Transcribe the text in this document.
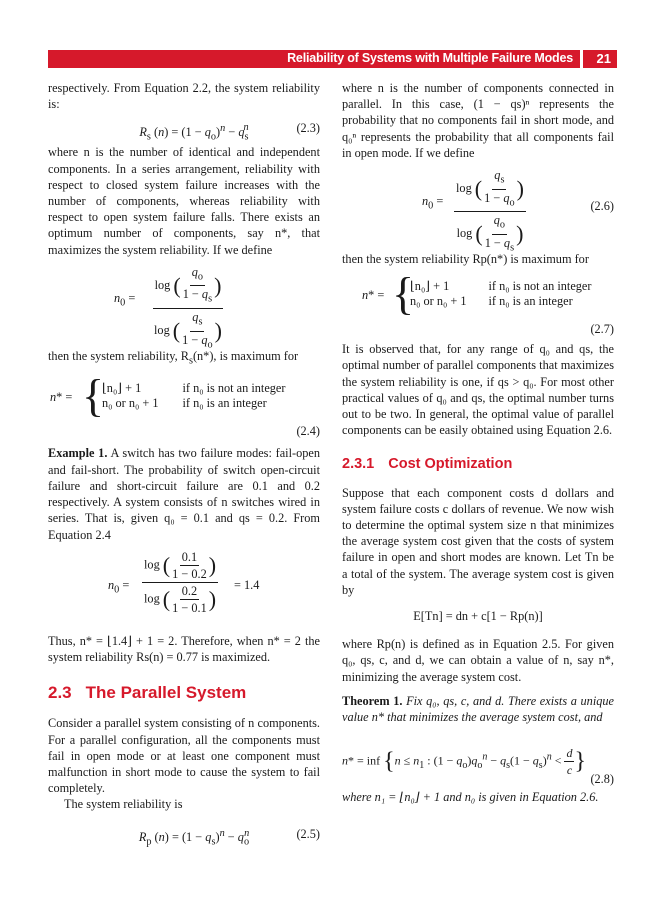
Reliability of Systems with Multiple Failure Modes 21

respectively. From Equation 2.2, the system reliability is:

$R_s$ $(n) = (1 - q_o)^n - q_s^n$	(2.3)

where n is the number of identical and independent components. In a series arrangement, reliability with respect to closed system failure increases with the number of components, whereas reliability with respect to open system failure falls. There exists an optimum number of components, say n*, that maximizes the system reliability. If we define

$n_0 = \frac{\log ( \frac{q_o}{1 - q_s} )}{\log ( \frac{q_s}{1 - q_o} )}$

then the system reliability, $R_s(n*)$, is maximum for

n* = {
⌊n₀⌋ + 1	if n₀ is not an integer
n₀ or n₀ + 1	if n₀ is an integer
(2.4)

Example 1. A switch has two failure modes: fail-open and fail-short. The probability of switch open-circuit failure and short-circuit failure are 0.1 and 0.2 respectively. A system consists of n switches wired in series. That is, given q₀ = 0.1 and qs = 0.2. From Equation 2.4

$n_0 = \frac{\log ( \frac{0.1}{1 - 0.2} )}{\log ( \frac{0.2}{1 - 0.1} )} = 1.4$

Thus, n* = ⌊1.4⌋ + 1 = 2. Therefore, when n* = 2 the system reliability Rs(n) = 0.77 is maximized.

2.3 The Parallel System

Consider a parallel system consisting of n components. For a parallel configuration, all the components must fail in open mode or at least one component must malfunction in short mode to cause the system to fail completely.

The system reliability is

$R_p$ $(n) = (1 - q_s)^n - q_o^n$	(2.5)

where n is the number of components connected in parallel. In this case, (1 − qs)ⁿ represents the probability that no components fail in short mode, and q₀ⁿ represents the probability that all components fail in open mode. If we define

$n_0 = \frac{\log ( \frac{q_s}{1 - q_o} )}{\log ( \frac{q_o}{1 - q_s} )}$	(2.6)

then the system reliability Rp(n*) is maximum for

n* = {
⌊n₀⌋ + 1	if n₀ is not an integer
n₀ or n₀ + 1	if n₀ is an integer
(2.7)

It is observed that, for any range of q₀ and qs, the optimal number of parallel components that maximizes the system reliability is one, if qs > q₀. For most other practical values of q₀ and qs, the optimal number turns out to be two. In general, the optimal value of parallel components can be easily obtained using Equation 2.6.

2.3.1 Cost Optimization

Suppose that each component costs d dollars and system failure costs c dollars of revenue. We now wish to determine the optimal system size n that minimizes the average system cost given that the costs of system failure in open and short modes are known. Let Tn be a total of the system. The average system cost is given by

E[Tn] = dn + c[1 − Rp(n)]

where Rp(n) is defined as in Equation 2.5. For given q₀, qs, c, and d, we can obtain a value of n, say n*, minimizing the average system cost.

Theorem 1. Fix q₀, qs, c, and d. There exists a unique value n* that minimizes the average system cost, and

n* = inf {$n \le n_1$ : $(1 - q_o)q_o^n - q_s(1 - q_s)^n < \frac{d}{c}$ }
(2.8)

where n₁ = ⌊n₀⌋ + 1 and n₀ is given in Equation 2.6.
